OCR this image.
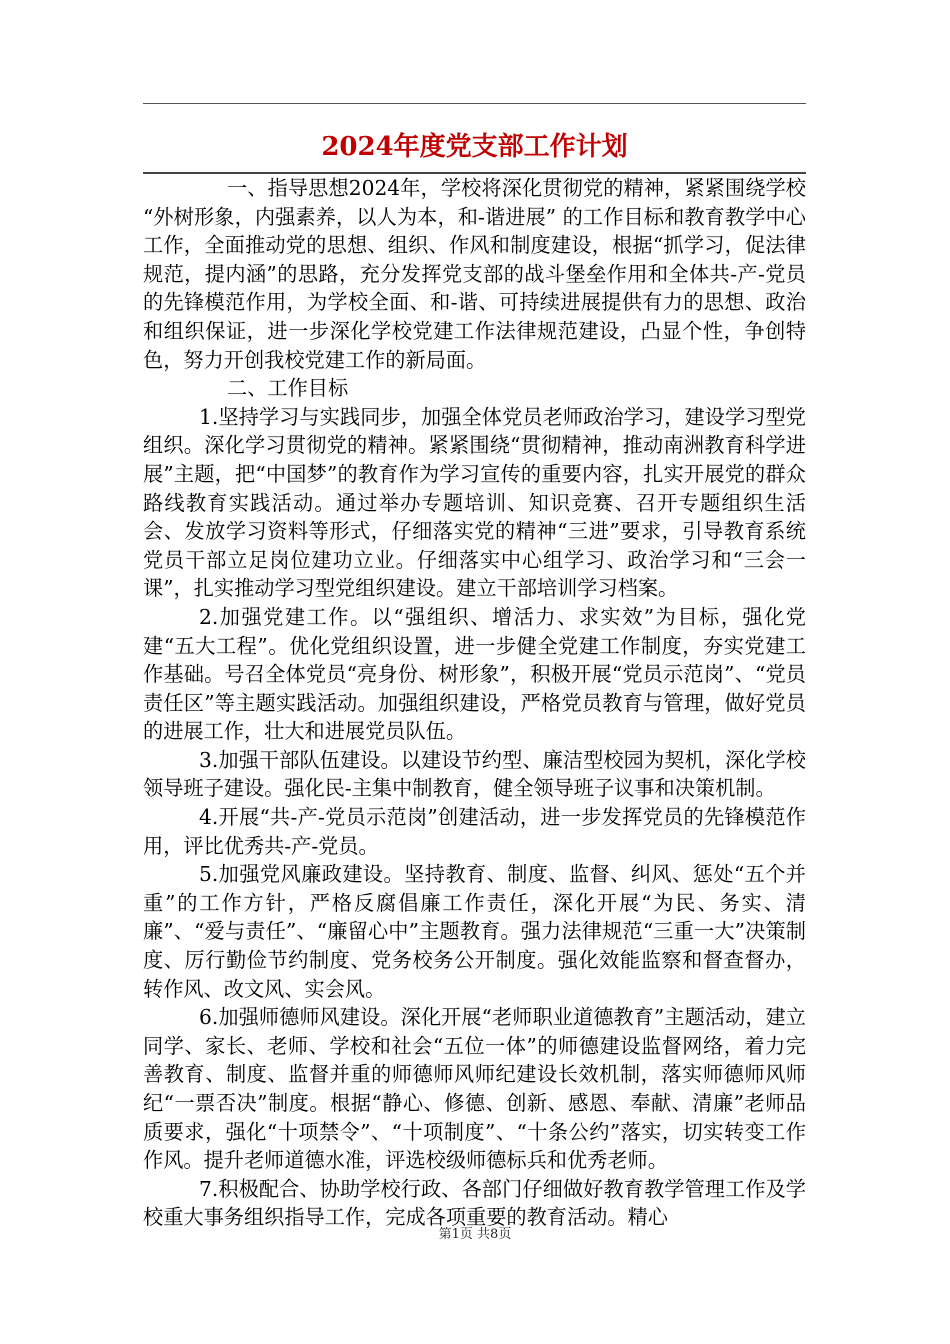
2024年度党支部工作计划

一、指导思想2024年，学校将深化贯彻党的精神，紧紧围绕学校 “外树形象，内强素养，以人为本，和-谐进展” 的工作目标和教育教学中心工作，全面推动党的思想、组织、作风和制度建设，根据“抓学习，促法律规范，提内涵”的思路，充分发挥党支部的战斗堡垒作用和全体共-产-党员的先锋模范作用，为学校全面、和-谐、可持续进展提供有力的思想、政治和组织保证，进一步深化学校党建工作法律规范建设，凸显个性，争创特色，努力开创我校党建工作的新局面。

二、工作目标

1.坚持学习与实践同步，加强全体党员老师政治学习，建设学习型党组织。深化学习贯彻党的精神。紧紧围绕“贯彻精神，推动南洲教育科学进展”主题，把“中国梦”的教育作为学习宣传的重要内容，扎实开展党的群众路线教育实践活动。通过举办专题培训、知识竞赛、召开专题组织生活会、发放学习资料等形式，仔细落实党的精神“三进”要求，引导教育系统党员干部立足岗位建功立业。仔细落实中心组学习、政治学习和“三会一课”，扎实推动学习型党组织建设。建立干部培训学习档案。

2.加强党建工作。以“强组织、增活力、求实效”为目标，强化党建“五大工程”。优化党组织设置，进一步健全党建工作制度，夯实党建工作基础。号召全体党员“亮身份、树形象”，积极开展“党员示范岗”、“党员责任区”等主题实践活动。加强组织建设，严格党员教育与管理，做好党员的进展工作，壮大和进展党员队伍。

3.加强干部队伍建设。以建设节约型、廉洁型校园为契机，深化学校领导班子建设。强化民-主集中制教育，健全领导班子议事和决策机制。

4.开展“共-产-党员示范岗”创建活动，进一步发挥党员的先锋模范作用，评比优秀共-产-党员。

5.加强党风廉政建设。坚持教育、制度、监督、纠风、惩处“五个并重”的工作方针，严格反腐倡廉工作责任，深化开展“为民、务实、清廉”、“爱与责任”、“廉留心中”主题教育。强力法律规范“三重一大”决策制度、厉行勤俭节约制度、党务校务公开制度。强化效能监察和督查督办，转作风、改文风、实会风。

6.加强师德师风建设。深化开展“老师职业道德教育”主题活动，建立同学、家长、老师、学校和社会“五位一体”的师德建设监督网络，着力完善教育、制度、监督并重的师德师风师纪建设长效机制，落实师德师风师纪“一票否决”制度。根据“静心、修德、创新、感恩、奉献、清廉”老师品质要求，强化“十项禁令”、“十项制度”、“十条公约”落实，切实转变工作作风。提升老师道德水准，评选校级师德标兵和优秀老师。

7.积极配合、协助学校行政、各部门仔细做好教育教学管理工作及学校重大事务组织指导工作，完成各项重要的教育活动。精心

第1页 共8页
